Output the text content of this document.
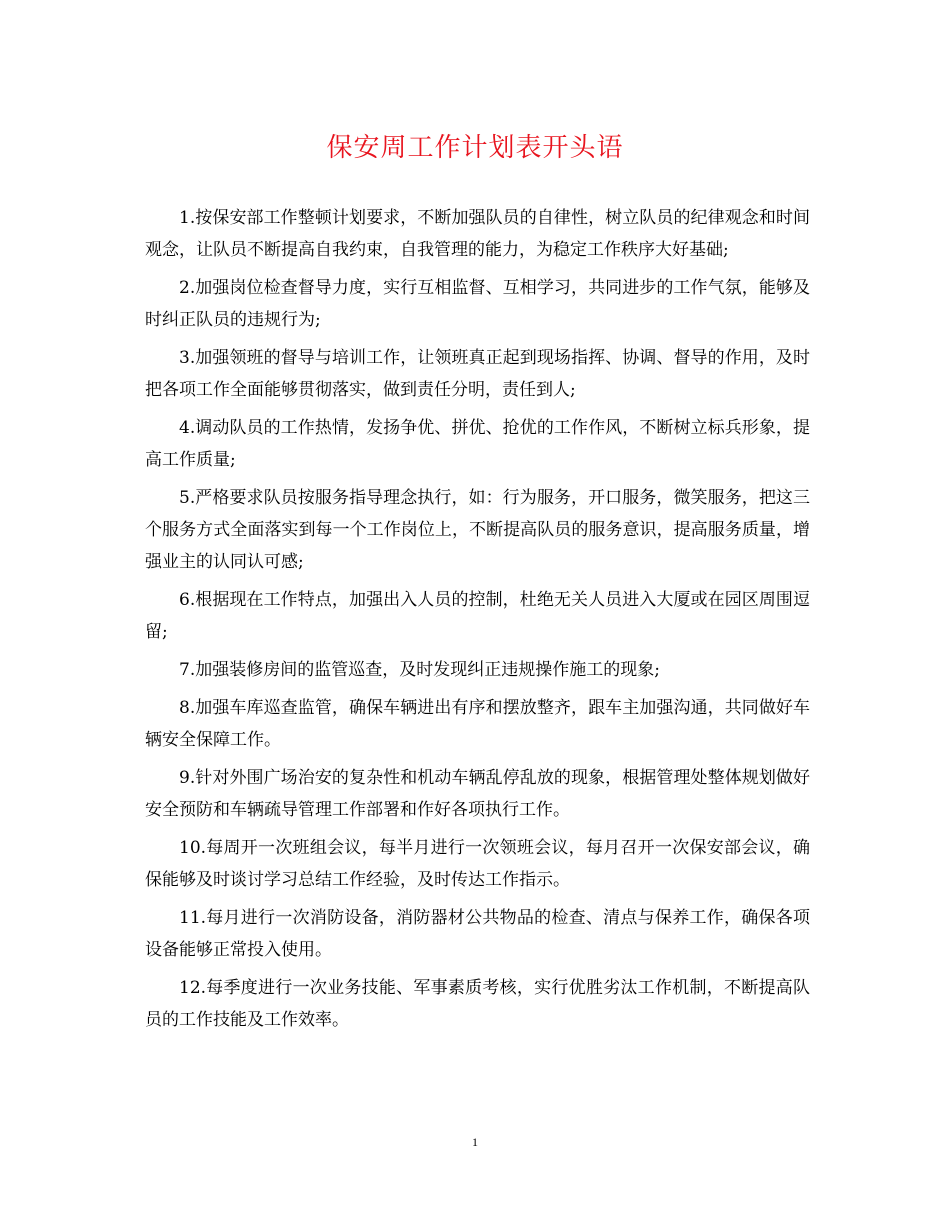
保安周工作计划表开头语

1.按保安部工作整顿计划要求，不断加强队员的自律性，树立队员的纪律观念和时间观念，让队员不断提高自我约束，自我管理的能力，为稳定工作秩序大好基础;

2.加强岗位检查督导力度，实行互相监督、互相学习，共同进步的工作气氛，能够及时纠正队员的违规行为;

3.加强领班的督导与培训工作，让领班真正起到现场指挥、协调、督导的作用，及时把各项工作全面能够贯彻落实，做到责任分明，责任到人;

4.调动队员的工作热情，发扬争优、拼优、抢优的工作作风，不断树立标兵形象，提高工作质量;

5.严格要求队员按服务指导理念执行，如：行为服务，开口服务，微笑服务，把这三个服务方式全面落实到每一个工作岗位上，不断提高队员的服务意识，提高服务质量，增强业主的认同认可感;

6.根据现在工作特点，加强出入人员的控制，杜绝无关人员进入大厦或在园区周围逗留;

7.加强装修房间的监管巡查，及时发现纠正违规操作施工的现象;

8.加强车库巡查监管，确保车辆进出有序和摆放整齐，跟车主加强沟通，共同做好车辆安全保障工作。

9.针对外围广场治安的复杂性和机动车辆乱停乱放的现象，根据管理处整体规划做好安全预防和车辆疏导管理工作部署和作好各项执行工作。

10.每周开一次班组会议，每半月进行一次领班会议，每月召开一次保安部会议，确保能够及时谈讨学习总结工作经验，及时传达工作指示。

11.每月进行一次消防设备，消防器材公共物品的检查、清点与保养工作，确保各项设备能够正常投入使用。

12.每季度进行一次业务技能、军事素质考核，实行优胜劣汰工作机制，不断提高队员的工作技能及工作效率。

1
